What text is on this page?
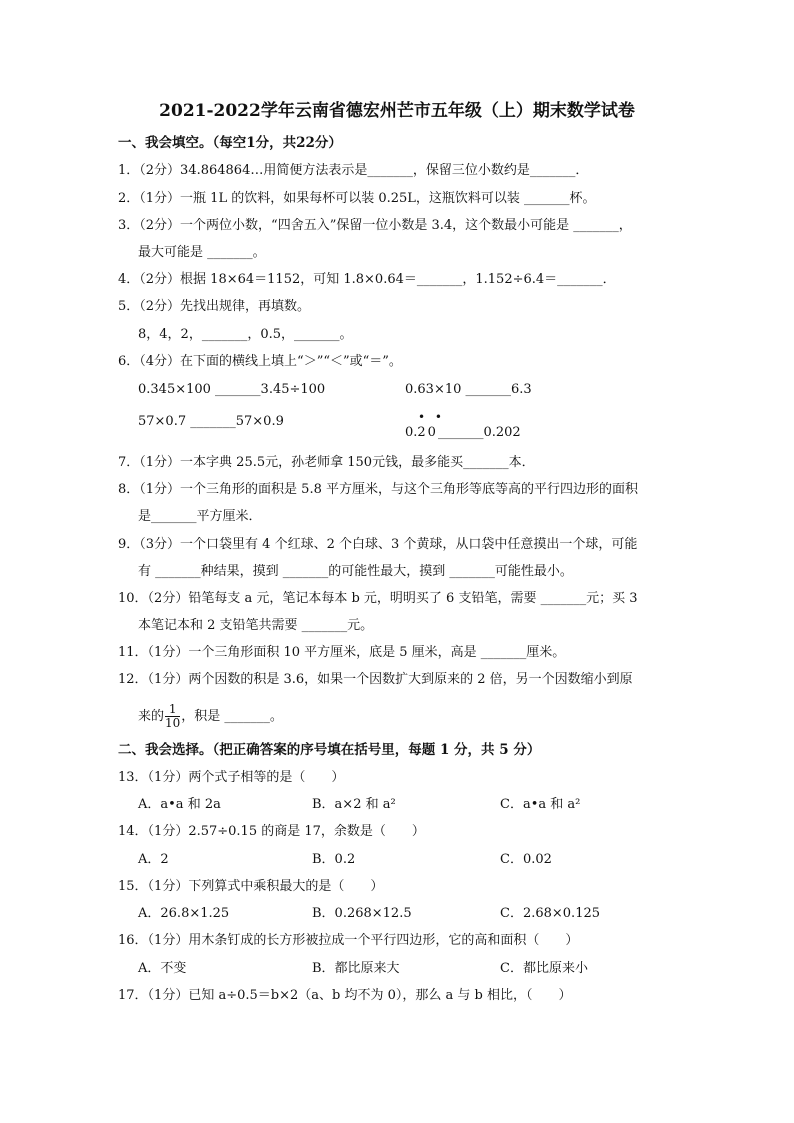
2021-2022学年云南省德宏州芒市五年级（上）期末数学试卷
一、我会填空。（每空1分，共22分）
1．（2分）34.864864…用简便方法表示是_______，保留三位小数约是_______．
2．（1分）一瓶 1L 的饮料，如果每杯可以装 0.25L，这瓶饮料可以装 _______杯。
3．（2分）一个两位小数，“四舍五入”保留一位小数是 3.4，这个数最小可能是 _______，
最大可能是 _______。
4．（2分）根据 18×64＝1152，可知 1.8×0.64＝_______，1.152÷6.4＝_______．
5．（2分）先找出规律，再填数。
8，4，2，_______，0.5，_______。
6．（4分）在下面的横线上填上“＞”“＜”或“＝”。
0.345×100 _______3.45÷100	0.63×10 _______6.3
57×0.7 _______57×0.9	• •
0.20_______0.202
7．（1分）一本字典 25.5元，孙老师拿 150元钱，最多能买_______本．
8．（1分）一个三角形的面积是 5.8 平方厘米，与这个三角形等底等高的平行四边形的面积
是_______平方厘米．
9．（3分）一个口袋里有 4 个红球、2 个白球、3 个黄球，从口袋中任意摸出一个球，可能
有 _______种结果，摸到 _______的可能性最大，摸到 _______可能性最小。
10．（2分）铅笔每支 a 元，笔记本每本 b 元，明明买了 6 支铅笔，需要 _______元；买 3
本笔记本和 2 支铅笔共需要 _______元。
11．（1分）一个三角形面积 10 平方厘米，底是 5 厘米，高是 _______厘米。
12．（1分）两个因数的积是 3.6，如果一个因数扩大到原来的 2 倍，另一个因数缩小到原
来的 $\frac{1}{10}$ ，积是 _______。
二、我会选择。（把正确答案的序号填在括号里，每题 1 分，共 5 分）
13．（1分）两个式子相等的是（　　）
A．a•a 和 2a	B．a×2 和 a²	C．a•a 和 a²
14．（1分）2.57÷0.15 的商是 17，余数是（　　）
A．2	B．0.2	C．0.02
15．（1分）下列算式中乘积最大的是（　　）
A．26.8×1.25	B．0.268×12.5	C．2.68×0.125
16．（1分）用木条钉成的长方形被拉成一个平行四边形，它的高和面积（　　）
A．不变	B．都比原来大	C．都比原来小
17．（1分）已知 a÷0.5＝b×2（a、b 均不为 0），那么 a 与 b 相比，（　　）
